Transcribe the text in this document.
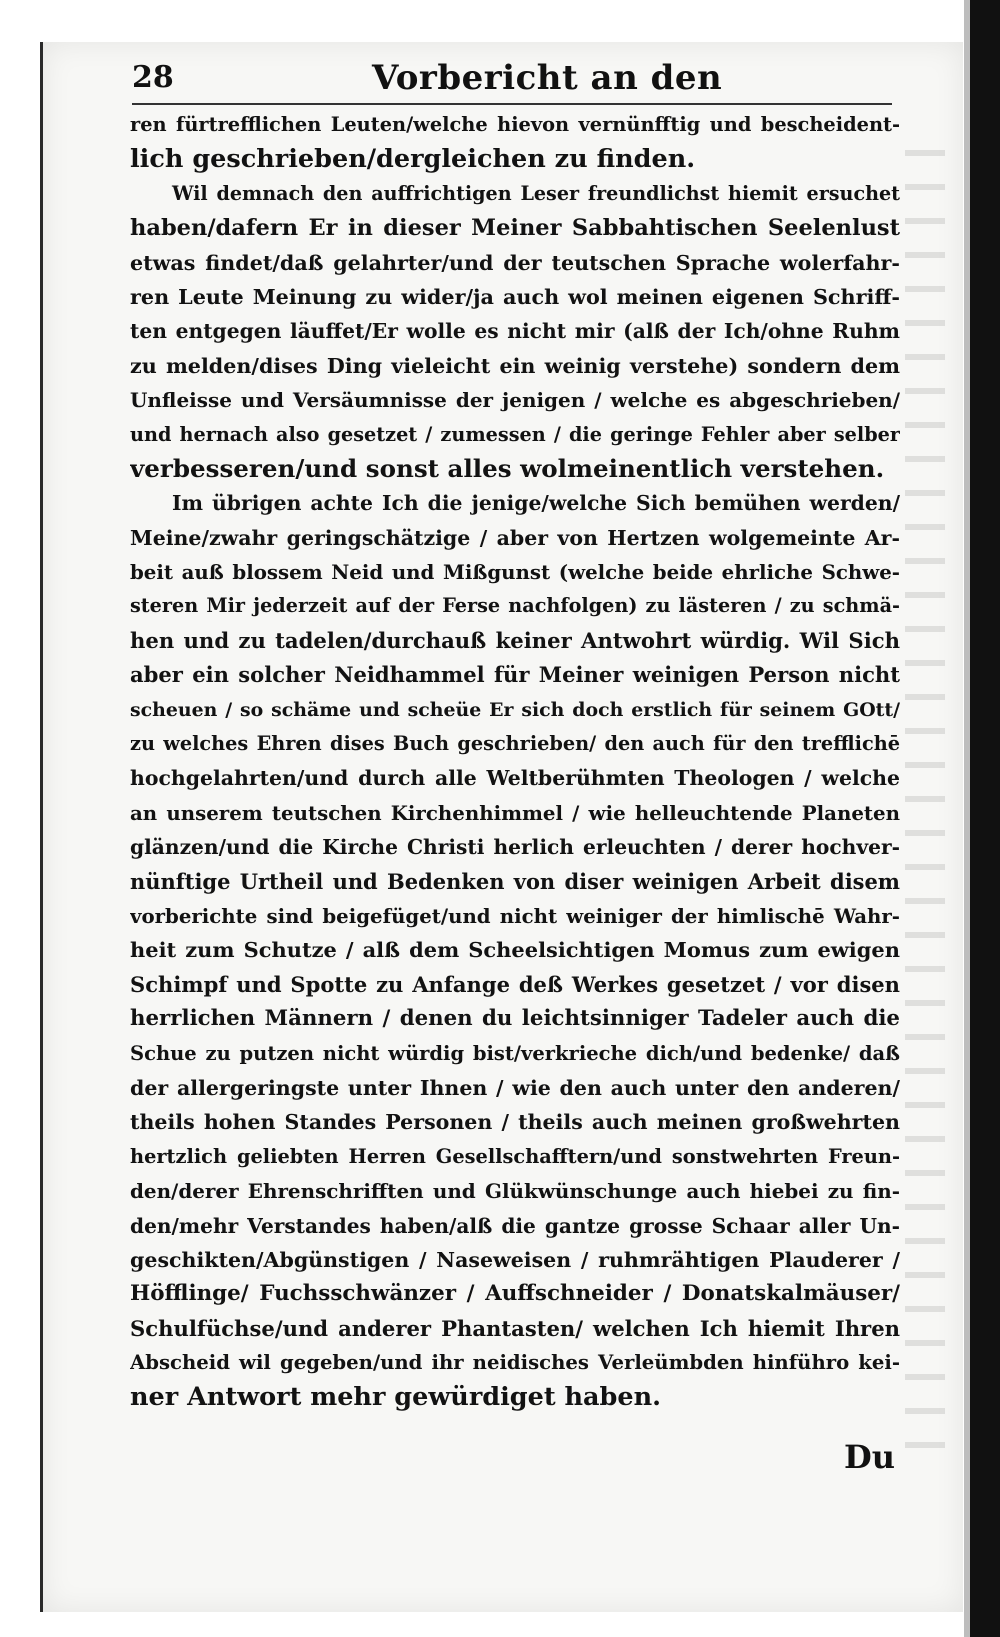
28	Vorbericht an den
ren fürtrefflichen Leuten/welche hievon vernünfftig und bescheident-
lich geschrieben/dergleichen zu finden.
Wil demnach den auffrichtigen Leser freundlichst hiemit ersuchet
haben/dafern Er in dieser Meiner Sabbahtischen Seelenlust
etwas findet/daß gelahrter/und der teutschen Sprache wolerfahr-
ren Leute Meinung zu wider/ja auch wol meinen eigenen Schriff-
ten entgegen läuffet/Er wolle es nicht mir (alß der Ich/ohne Ruhm
zu melden/dises Ding vieleicht ein weinig verstehe) sondern dem
Unfleisse und Versäumnisse der jenigen / welche es abgeschrieben/
und hernach also gesetzet / zumessen / die geringe Fehler aber selber
verbesseren/und sonst alles wolmeinentlich verstehen.
Im übrigen achte Ich die jenige/welche Sich bemühen werden/
Meine/zwahr geringschätzige / aber von Hertzen wolgemeinte Ar-
beit auß blossem Neid und Mißgunst (welche beide ehrliche Schwe-
steren Mir jederzeit auf der Ferse nachfolgen) zu lästeren / zu schmä-
hen und zu tadelen/durchauß keiner Antwohrt würdig. Wil Sich
aber ein solcher Neidhammel für Meiner weinigen Person nicht
scheuen / so schäme und scheüe Er sich doch erstlich für seinem GOtt/
zu welches Ehren dises Buch geschrieben/ den auch für den trefflichē
hochgelahrten/und durch alle Weltberühmten Theologen / welche
an unserem teutschen Kirchenhimmel / wie helleuchtende Planeten
glänzen/und die Kirche Christi herlich erleuchten / derer hochver-
nünftige Urtheil und Bedenken von diser weinigen Arbeit disem
vorberichte sind beigefüget/und nicht weiniger der himlischē Wahr-
heit zum Schutze / alß dem Scheelsichtigen Momus zum ewigen
Schimpf und Spotte zu Anfange deß Werkes gesetzet / vor disen
herrlichen Männern / denen du leichtsinniger Tadeler auch die
Schue zu putzen nicht würdig bist/verkrieche dich/und bedenke/ daß
der allergeringste unter Ihnen / wie den auch unter den anderen/
theils hohen Standes Personen / theils auch meinen großwehrten
hertzlich geliebten Herren Gesellschafftern/und sonstwehrten Freun-
den/derer Ehrenschrifften und Glükwünschunge auch hiebei zu fin-
den/mehr Verstandes haben/alß die gantze grosse Schaar aller Un-
geschikten/Abgünstigen / Naseweisen / ruhmrähtigen Plauderer /
Höfflinge/ Fuchsschwänzer / Auffschneider / Donatskalmäuser/
Schulfüchse/und anderer Phantasten/ welchen Ich hiemit Ihren
Abscheid wil gegeben/und ihr neidisches Verleümbden hinführo kei-
ner Antwort mehr gewürdiget haben.
Du
